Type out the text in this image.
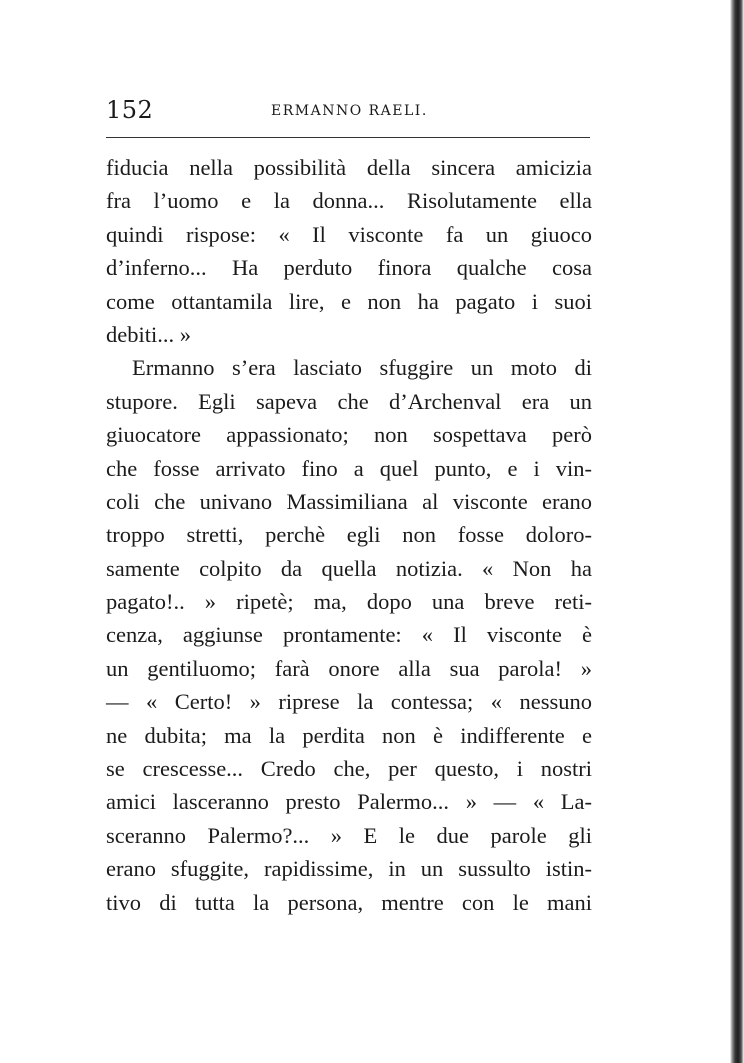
152	ERMANNO RAELI.
fiducia nella possibilità della sincera amicizia
fra l’uomo e la donna... Risolutamente ella
quindi rispose: « Il visconte fa un giuoco
d’inferno... Ha perduto finora qualche cosa
come ottantamila lire, e non ha pagato i suoi
debiti... »
Ermanno s’era lasciato sfuggire un moto di
stupore. Egli sapeva che d’Archenval era un
giuocatore appassionato; non sospettava però
che fosse arrivato fino a quel punto, e i vin-
coli che univano Massimiliana al visconte erano
troppo stretti, perchè egli non fosse doloro-
samente colpito da quella notizia. « Non ha
pagato!.. » ripetè; ma, dopo una breve reti-
cenza, aggiunse prontamente: « Il visconte è
un gentiluomo; farà onore alla sua parola! »
— « Certo! » riprese la contessa; « nessuno
ne dubita; ma la perdita non è indifferente e
se crescesse... Credo che, per questo, i nostri
amici lasceranno presto Palermo... » — « La-
sceranno Palermo?... » E le due parole gli
erano sfuggite, rapidissime, in un sussulto istin-
tivo di tutta la persona, mentre con le mani
